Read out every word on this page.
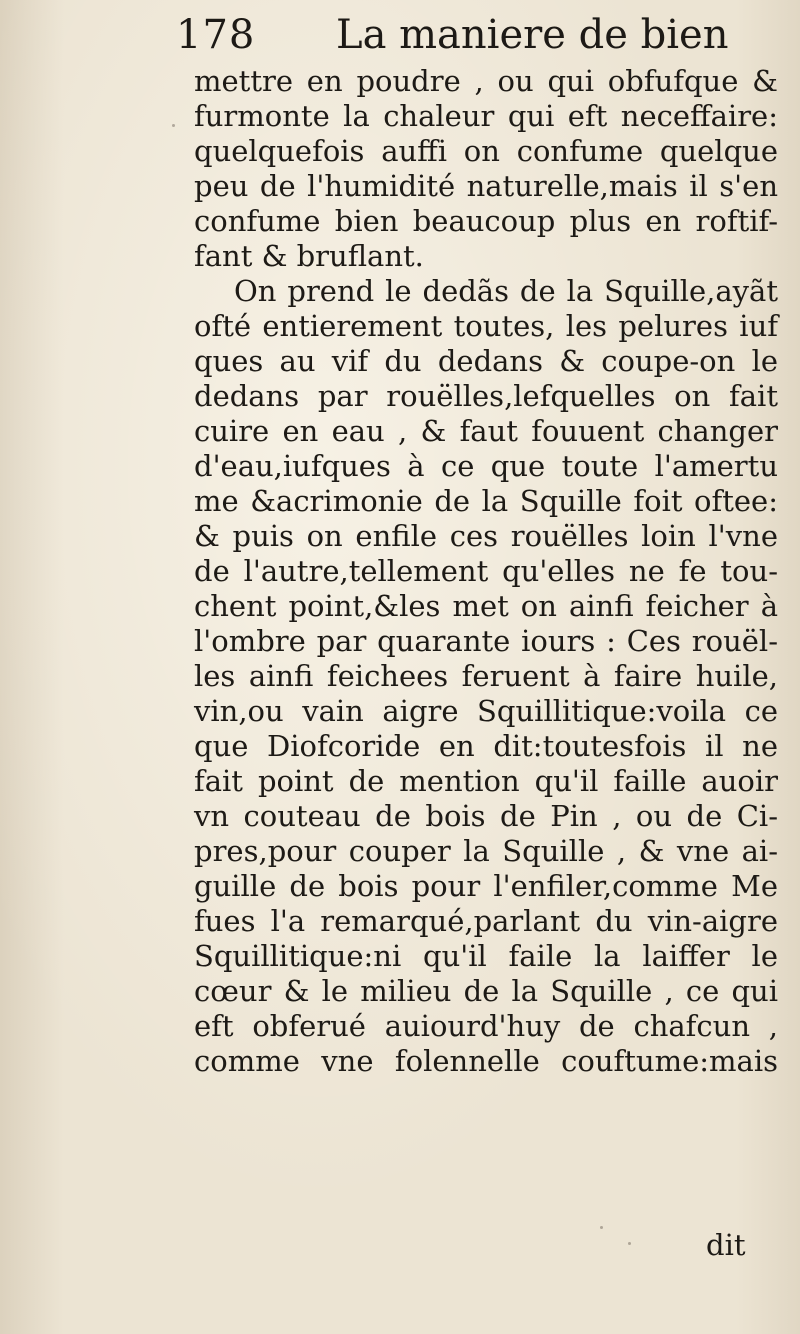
178 La maniere de bien
mettre en poudre , ou qui obfufque &
furmonte la chaleur qui eft neceffaire:
quelquefois auffi on confume quelque
peu de l'humidité naturelle,mais il s'en
confume bien beaucoup plus en roftif-
fant & bruflant.
On prend le dedãs de la Squille,ayãt
ofté entierement toutes, les pelures iuf
ques au vif du dedans & coupe-on le
dedans par rouëlles,lefquelles on fait
cuire en eau , & faut fouuent changer
d'eau,iufques à ce que toute l'amertu
me &acrimonie de la Squille foit oftee:
& puis on enfile ces rouëlles loin l'vne
de l'autre,tellement qu'elles ne fe tou-
chent point,&les met on ainfi feicher à
l'ombre par quarante iours : Ces rouël-
les ainfi feichees feruent à faire huile,
vin,ou vain aigre Squillitique:voila ce
que Diofcoride en dit:toutesfois il ne
fait point de mention qu'il faille auoir
vn couteau de bois de Pin , ou de Ci-
pres,pour couper la Squille , & vne ai-
guille de bois pour l'enfiler,comme Me
fues l'a remarqué,parlant du vin-aigre
Squillitique:ni qu'il faile la laiffer le
cœur & le milieu de la Squille , ce qui
eft obferué auiourd'huy de chafcun ,
comme vne folennelle couftume:mais
dit
